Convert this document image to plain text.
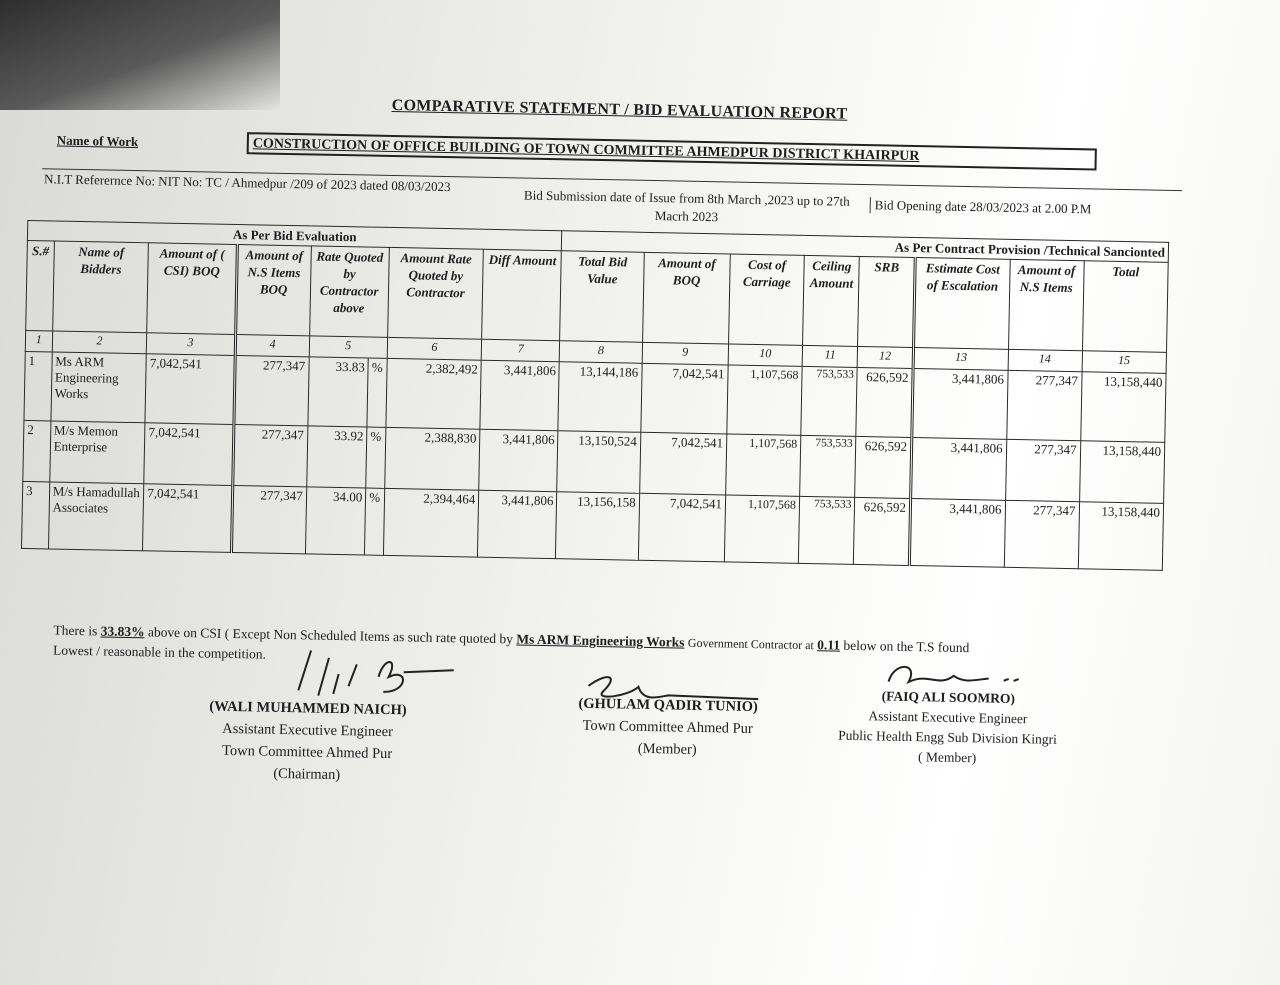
COMPARATIVE STATEMENT / BID EVALUATION REPORT
Name of Work	CONSTRUCTION OF OFFICE BUILDING OF TOWN COMMITTEE AHMEDPUR DISTRICT KHAIRPUR
N.I.T Referernce No: NIT No: TC / Ahmedpur /209 of 2023 dated 08/03/2023
Bid Submission date of Issue from 8th March ,2023 up to 27th Macrh 2023	Bid Opening date 28/03/2023 at 2.00 P.M
As Per Bid Evaluation								As Per Contract Provision /Technical Sancionted							
S.#	Name of Bidders	Amount of ( CSI) BOQ	Amount of N.S Items BOQ	Rate Quoted by Contractor above		Amount Rate Quoted by Contractor	Diff Amount	Total Bid Value	Amount of BOQ	Cost of Carriage	Ceiling Amount	SRB	Estimate Cost of Escalation	Amount of N.S Items	Total
1	2	3	4	5		6	7	8	9	10	11	12	13	14	15
1	Ms ARM Engineering Works	7,042,541	277,347	33.83	%	2,382,492	3,441,806	13,144,186	7,042,541	1,107,568	753,533	626,592	3,441,806	277,347	13,158,440
2	M/s Memon Enterprise	7,042,541	277,347	33.92	%	2,388,830	3,441,806	13,150,524	7,042,541	1,107,568	753,533	626,592	3,441,806	277,347	13,158,440
3	M/s Hamadullah Associates	7,042,541	277,347	34.00	%	2,394,464	3,441,806	13,156,158	7,042,541	1,107,568	753,533	626,592	3,441,806	277,347	13,158,440
There is 33.83% above on CSI ( Except Non Scheduled Items as such rate quoted by Ms ARM Engineering Works Government Contractor at 0.11 below on the T.S found
Lowest / reasonable in the competition.
(WALI MUHAMMED NAICH)
Assistant Executive Engineer
Town Committee Ahmed Pur
(Chairman)
(GHULAM QADIR TUNIO)
Town Committee Ahmed Pur
(Member)
(FAIQ ALI SOOMRO)
Assistant Executive Engineer
Public Health Engg Sub Division Kingri
( Member)
